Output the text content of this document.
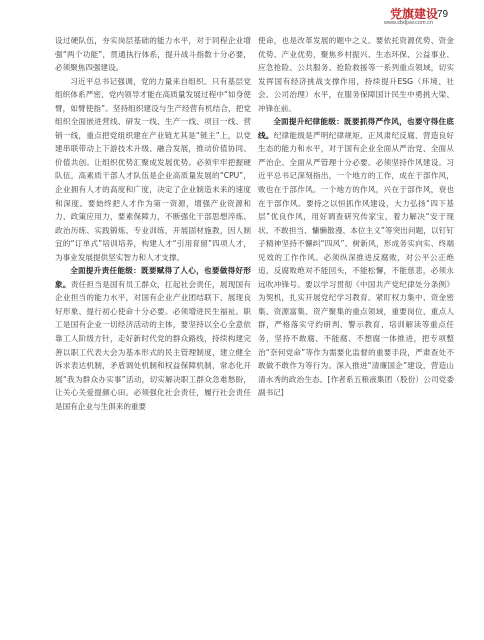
党旗建设
www.sbdjsw.com.cn
79

设过硬队伍，夯实岗层基础的能力水平，对于同程企业增强“两个功能”，贯通执行体系，提升战斗指数十分必要，必须聚焦四强建设。

习近平总书记强调，党的力量来自组织。只有基层党组织体系严密，党内领导才能在高质量发展过程中“如身使臂，如臂使指”。坚持组织建设与生产经营有机结合，把党组织全面嵌进营线、研发一线、生产一线、项目一线、营销一线，重点把党组织建在产业链尤其是“链主”上，以党建串联带动上下游技术升级、融合发展，推动价值协同、价值共创。让组织优势汇聚成发展优势。必须牢牢把握硬队伍，高素质干部人才队伍是企业高质量发展的“CPU”，企业拥有人才的高度和广度，决定了企业制造未来的速度和深度。要始终把人才作为第一资源，增强产业资源和力、政策应用力，要素保障力，不断强化干部思想淬炼、政治历练、实践锻炼、专业训练，开展固材施教，因人制宜的“订单式”培训培养，构建人才“引用育留”四项人才，为事业发展提供坚实智力和人才支撑。

全面提升责任能级：既要赋得了人心，也要做得好形象。责任担当是国有员工群众，扛起社会责任，展现国有企业担当的能力水平，对国有企业产业团结联下、展现良好形象、提行初心使命十分必要。必须增进民生福祉。职工是国有企业一切经济活动的主体，要坚持以全心全意依靠工人阶级方针，走好新时代党的群众路线，持续构建完善以职工代表大会为基本形式的民主管理制度，建立健全诉求表达机制，矛盾调处机制和权益保障机制，常态化开展“我为群众办实事”活动，切实解决职工群众急难愁盼，让关心关爱提颜心田。必须强化社会责任，履行社会责任是国有企业与生俱来的重要

使命，也是改革发展的题中之义。要依托资源优势、资金优势、产业优势，聚焦乡村振兴、生态环保、公益事业、应急抢险、公共服务、抢险救援等一系列重点领域，切实发挥国有经济挑战支撑作用，持续提升ESG（环境、社会、公司治理）水平，在服务保障国计民生中勇挑大梁、冲锋在前。

全面提升纪律能级：既要抓得严作风，也要守得住底线。纪律能级是严明纪律规矩、正风肃纪反腐、营造良好生态的能力和水平，对于国有企业全面从严治党、全面从严治企、全面从严管理十分必要。必须坚持作风建设。习近平总书记深刻指出，一个地方的工作，成在于部作风，败也在于部作风。一个地方的作风，兴在于部作风，衰也在于部作风。要持之以恒抓作风建设，大力弘扬“四下基层”优良作风，用好调查研究传家宝，着力解决“安于现状、不敢担当、慵懒散漫、本位主义”等突出问题，以钉钉子精神坚持不懈纠“四风”、树新风，形成务实向实、终端见效的工作作风。必须纵深推进反腐败，对公平公正绝追，反腐败绝对不能回头，不能松懈，不能慈悲，必须永远吹冲锋号。要以学习贯彻《中国共产党纪律处分条例》为契机，扎实开展党纪学习教育。紧盯权力集中、资金密集、资源富集、资产聚集的重点领域，重要岗位、重点人群，严格落实守约研判、警示教育、培训解读等重点任务，坚持不敢腐、不能腐、不想腐一体推进，把专项整治“奈何党命”等作为需要化监督的重要手段，严肃查处不敢做不敢作为等行为。深入推进“清廉国企”建设，营造山清水秀的政治生态。[作者系五粮液集团（股份）公司党委副书记]
